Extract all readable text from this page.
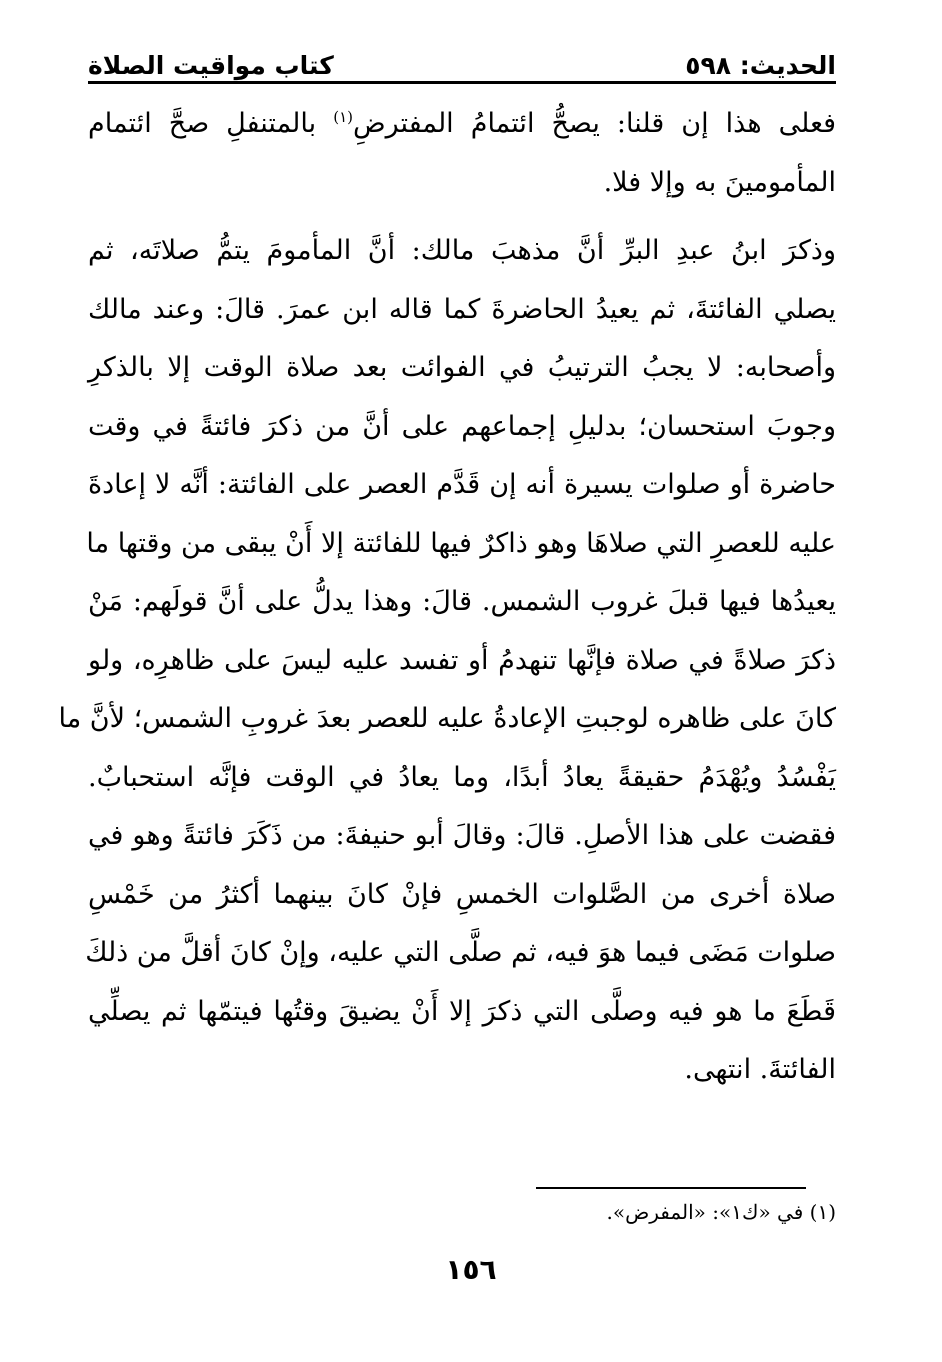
الحديث: ٥٩٨
كتاب مواقيت الصلاة
فعلى هذا إن قلنا: يصحُّ ائتمامُ المفترضِ$^{(١)}$ بالمتنفلِ صحَّ ائتمام
المأمومينَ به وإلا فلا.
وذكرَ ابنُ عبدِ البرِّ أنَّ مذهبَ مالك: أنَّ المأمومَ يتمُّ صلاتَه، ثم
يصلي الفائتةَ، ثم يعيدُ الحاضرةَ كما قاله ابن عمرَ. قالَ: وعند مالك
وأصحابه: لا يجبُ الترتيبُ في الفوائت بعد صلاة الوقت إلا بالذكرِ
وجوبَ استحسان؛ بدليلِ إجماعهم على أنَّ من ذكرَ فائتةً في وقت
حاضرة أو صلوات يسيرة أنه إن قَدَّم العصر على الفائتة: أنَّه لا إعادةَ
عليه للعصرِ التي صلاهَا وهو ذاكرٌ فيها للفائتة إلا أَنْ يبقى من وقتها ما
يعيدُها فيها قبلَ غروب الشمس. قالَ: وهذا يدلُّ على أنَّ قولَهم: مَنْ
ذكرَ صلاةً في صلاة فإنَّها تنهدمُ أو تفسد عليه ليسَ على ظاهرِه، ولو
كانَ على ظاهره لوجبتِ الإعادةُ عليه للعصر بعدَ غروبِ الشمس؛ لأنَّ ما
يَفْسُدُ ويُهْدَمُ حقيقةً يعادُ أبدًا، وما يعادُ في الوقت فإنَّه استحبابٌ.
فقضت على هذا الأصلِ. قالَ: وقالَ أبو حنيفةَ: من ذَكَرَ فائتةً وهو في
صلاة أخرى من الصَّلوات الخمسِ فإنْ كانَ بينهما أكثرُ من خَمْسِ
صلوات مَضَى فيما هوَ فيه، ثم صلَّى التي عليه، وإنْ كانَ أقلَّ من ذلكَ
قَطَعَ ما هو فيه وصلَّى التي ذكرَ إلا أَنْ يضيقَ وقتُها فيتمّها ثم يصلِّي
الفائتةَ. انتهى.
(١) في «ك١»: «المفرض».
١٥٦
